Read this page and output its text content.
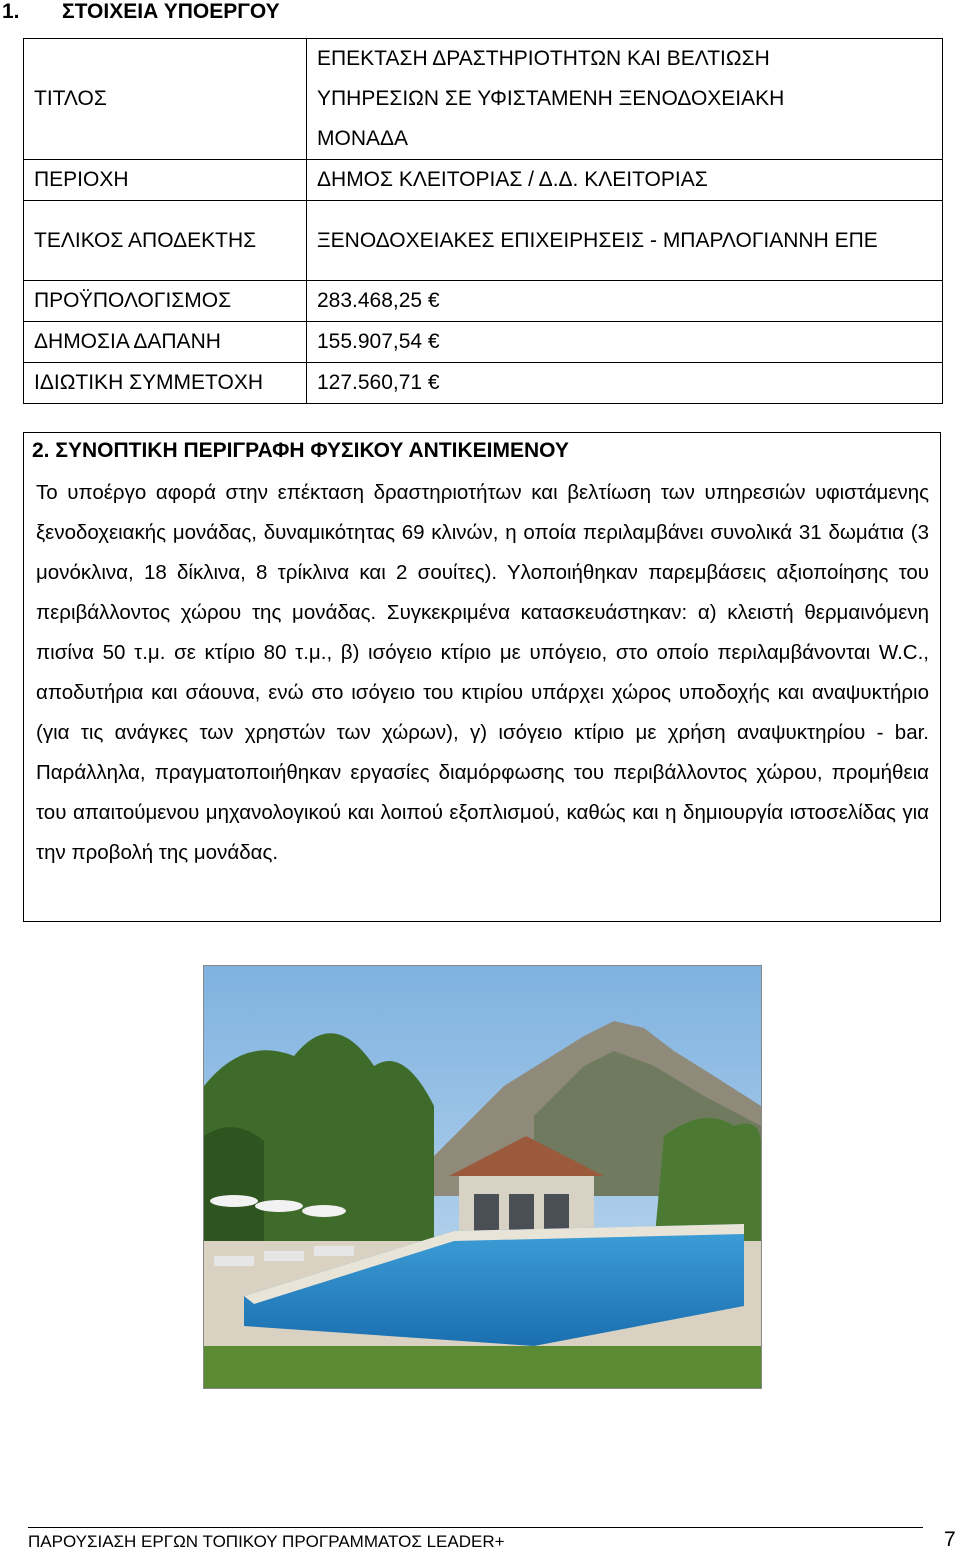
1. ΣΤΟΙΧΕΙΑ ΥΠΟΕΡΓΟΥ
ΤΙΤΛΟΣ	ΕΠΕΚΤΑΣΗ ΔΡΑΣΤΗΡΙΟΤΗΤΩΝ ΚΑΙ ΒΕΛΤΙΩΣΗ ΥΠΗΡΕΣΙΩΝ ΣΕ ΥΦΙΣΤΑΜΕΝΗ ΞΕΝΟΔΟΧΕΙΑΚΗ ΜΟΝΑΔΑ
ΠΕΡΙΟΧΗ	ΔΗΜΟΣ ΚΛΕΙΤΟΡΙΑΣ / Δ.Δ. ΚΛΕΙΤΟΡΙΑΣ
ΤΕΛΙΚΟΣ ΑΠΟΔΕΚΤΗΣ	ΞΕΝΟΔΟΧΕΙΑΚΕΣ ΕΠΙΧΕΙΡΗΣΕΙΣ - ΜΠΑΡΛΟΓΙΑΝΝΗ ΕΠΕ
ΠΡΟΫΠΟΛΟΓΙΣΜΟΣ	283.468,25 €
ΔΗΜΟΣΙΑ ΔΑΠΑΝΗ	155.907,54 €
ΙΔΙΩΤΙΚΗ ΣΥΜΜΕΤΟΧΗ	127.560,71 €
2. ΣΥΝΟΠΤΙΚΗ ΠΕΡΙΓΡΑΦΗ ΦΥΣΙΚΟΥ ΑΝΤΙΚΕΙΜΕΝΟΥ
Το υποέργο αφορά στην επέκταση δραστηριοτήτων και βελτίωση των υπηρεσιών υφιστάμενης ξενοδοχειακής μονάδας, δυναμικότητας 69 κλινών, η οποία περιλαμβάνει συνολικά 31 δωμάτια (3 μονόκλινα, 18 δίκλινα, 8 τρίκλινα και 2 σουίτες). Υλοποιήθηκαν παρεμβάσεις αξιοποίησης του περιβάλλοντος χώρου της μονάδας. Συγκεκριμένα κατασκευάστηκαν: α) κλειστή θερμαινόμενη πισίνα 50 τ.μ. σε κτίριο 80 τ.μ., β) ισόγειο κτίριο με υπόγειο, στο οποίο περιλαμβάνονται W.C., αποδυτήρια και σάουνα, ενώ στο ισόγειο του κτιρίου υπάρχει χώρος υποδοχής και αναψυκτήριο (για τις ανάγκες των χρηστών των χώρων), γ) ισόγειο κτίριο με χρήση αναψυκτηρίου - bar. Παράλληλα, πραγματοποιήθηκαν εργασίες διαμόρφωσης του περιβάλλοντος χώρου, προμήθεια του απαιτούμενου μηχανολογικού και λοιπού εξοπλισμού, καθώς και η δημιουργία ιστοσελίδας για την προβολή της μονάδας.
ΠΑΡΟΥΣΙΑΣΗ ΕΡΓΩΝ ΤΟΠΙΚΟΥ ΠΡΟΓΡΑΜΜΑΤΟΣ LEADER+	7
